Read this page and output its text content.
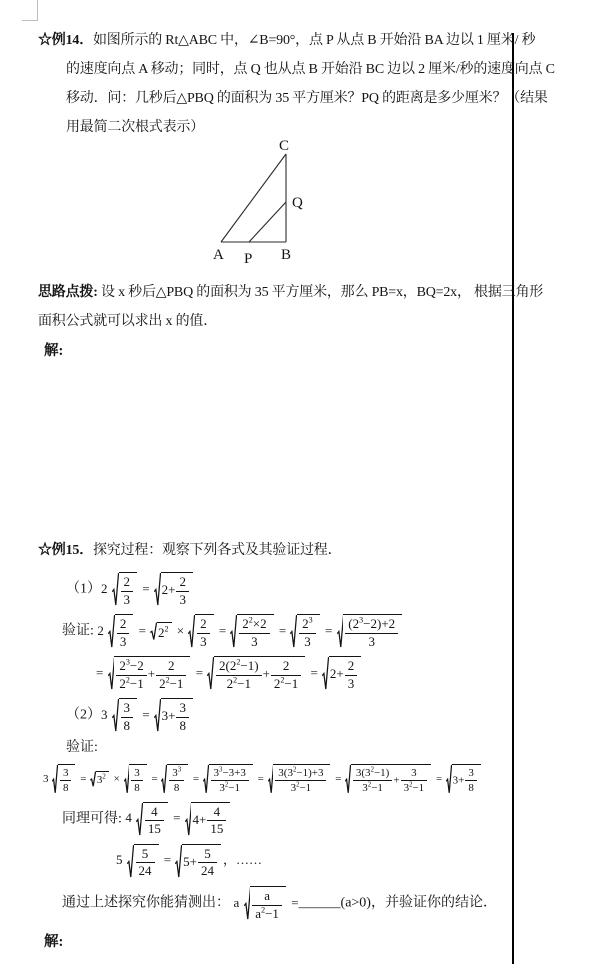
☆例14．如图所示的 Rt△ABC 中，∠B=90°，点 P 从点 B 开始沿 BA 边以 1 厘米/ 秒
的速度向点 A 移动；同时，点 Q 也从点 B 开始沿 BC 边以 2 厘米/秒的速度向点 C
移动．问：几秒后△PBQ 的面积为 35 平方厘米？PQ 的距离是多少厘米？（结果
用最简二次根式表示）
C
Q
A P B
思路点拨: 设 x 秒后△PBQ 的面积为 35 平方厘米，那么 PB=x，BQ=2x， 根据三角形
面积公式就可以求出 x 的值．
解:
☆例15．探究过程：观察下列各式及其验证过程．
$(1)2 \frac{2}{3} = 2+ \frac{2}{3}$
验证: $2 \frac{2}{3} = 2^2 \times \frac{2}{3} = \frac{2^2\times 2}{3} = \frac{2^3}{3} = \frac{(2^3-2)+2}{3}$
= $\frac{2^3-2}{2^2-1} + \frac{2}{2^2-1} = \frac{2(2^2-1)}{2^2-1} + \frac{2}{2^2-1} = 2+ \frac{2}{3}$
$(2)3 \frac{3}{8} = 3+ \frac{3}{8}$
验证:
$3 \frac{3}{8} = 3^2 \times \frac{3}{8} = \frac{3^3}{8} = \frac{3^3-3+3}{3^2-1} = \frac{3(3^2-1)+3}{3^2-1} = \frac{3(3^2-1)}{3^2-1} + \frac{3}{3^2-1} = 3+ \frac{3}{8}$
同理可得: $4 \frac{4}{15} = 4+ \frac{4}{15}$
$5 \frac{5}{24} = 5+ \frac{5}{24}$ ，……
通过上述探究你能猜测出： a $\frac{a}{a^2-1}$ =______(a>0)，并验证你的结论．
解:
